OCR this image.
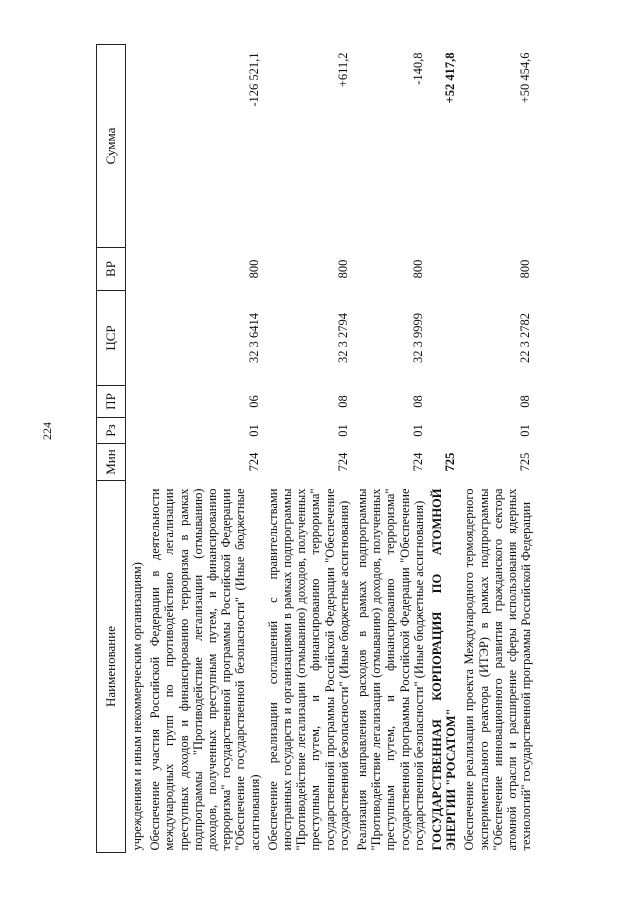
224
Наименование	Мин	Рз	ПР	ЦСР	ВР	Сумма
учреждениям и иным некоммерческим организациям)						
Обеспечение участия Российской Федерации в деятельности международных групп по противодействию легализации преступных доходов и финансированию терроризма в рамках подпрограммы "Противодействие легализации (отмыванию) доходов, полученных преступным путем, и финансированию терроризма" государственной программы Российской Федерации "Обеспечение государственной безопасности" (Иные бюджетные ассигнования)	724	01	06	32 3 6414	800	-126 521,1
Обеспечение реализации соглашений с правительствами иностранных государств и организациями в рамках подпрограммы "Противодействие легализации (отмыванию) доходов, полученных преступным путем, и финансированию терроризма" государственной программы Российской Федерации "Обеспечение государственной безопасности" (Иные бюджетные ассигнования)	724	01	08	32 3 2794	800	+611,2
Реализация направления расходов в рамках подпрограммы "Противодействие легализации (отмыванию) доходов, полученных преступным путем, и финансированию терроризма" государственной программы Российской Федерации "Обеспечение государственной безопасности" (Иные бюджетные ассигнования)	724	01	08	32 3 9999	800	-140,8
ГОСУДАРСТВЕННАЯ КОРПОРАЦИЯ ПО АТОМНОЙ ЭНЕРГИИ "РОСАТОМ"	725					+52 417,8
Обеспечение реализации проекта Международного термоядерного экспериментального реактора (ИТЭР) в рамках подпрограммы "Обеспечение инновационного развития гражданского сектора атомной отрасли и расширение сферы использования ядерных технологий" государственной программы Российской Федерации	725	01	08	22 3 2782	800	+50 454,6
